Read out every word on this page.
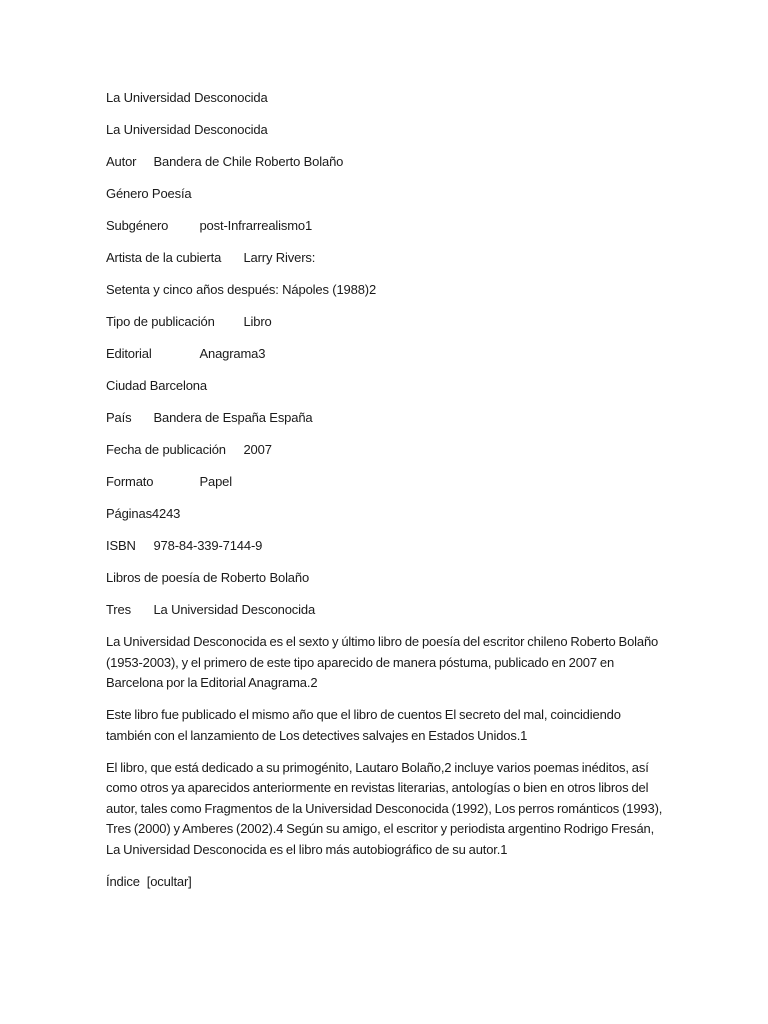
La Universidad Desconocida
La Universidad Desconocida
Autor Bandera de Chile Roberto Bolaño
Género Poesía
Subgénero post-Infrarrealismo1
Artista de la cubierta Larry Rivers:
Setenta y cinco años después: Nápoles (1988)2
Tipo de publicación Libro
Editorial	Anagrama3
Ciudad Barcelona
País Bandera de España España
Fecha de publicación 2007
Formato	Papel
Páginas4243
ISBN 978-84-339-7144-9
Libros de poesía de Roberto Bolaño
Tres La Universidad Desconocida

La Universidad Desconocida es el sexto y último libro de poesía del escritor chileno Roberto Bolaño (1953-2003), y el primero de este tipo aparecido de manera póstuma, publicado en 2007 en Barcelona por la Editorial Anagrama.2

Este libro fue publicado el mismo año que el libro de cuentos El secreto del mal, coincidiendo también con el lanzamiento de Los detectives salvajes en Estados Unidos.1

El libro, que está dedicado a su primogénito, Lautaro Bolaño,2 incluye varios poemas inéditos, así como otros ya aparecidos anteriormente en revistas literarias, antologías o bien en otros libros del autor, tales como Fragmentos de la Universidad Desconocida (1992), Los perros románticos (1993), Tres (2000) y Amberes (2002).4 Según su amigo, el escritor y periodista argentino Rodrigo Fresán, La Universidad Desconocida es el libro más autobiográfico de su autor.1

Índice [ocultar]
